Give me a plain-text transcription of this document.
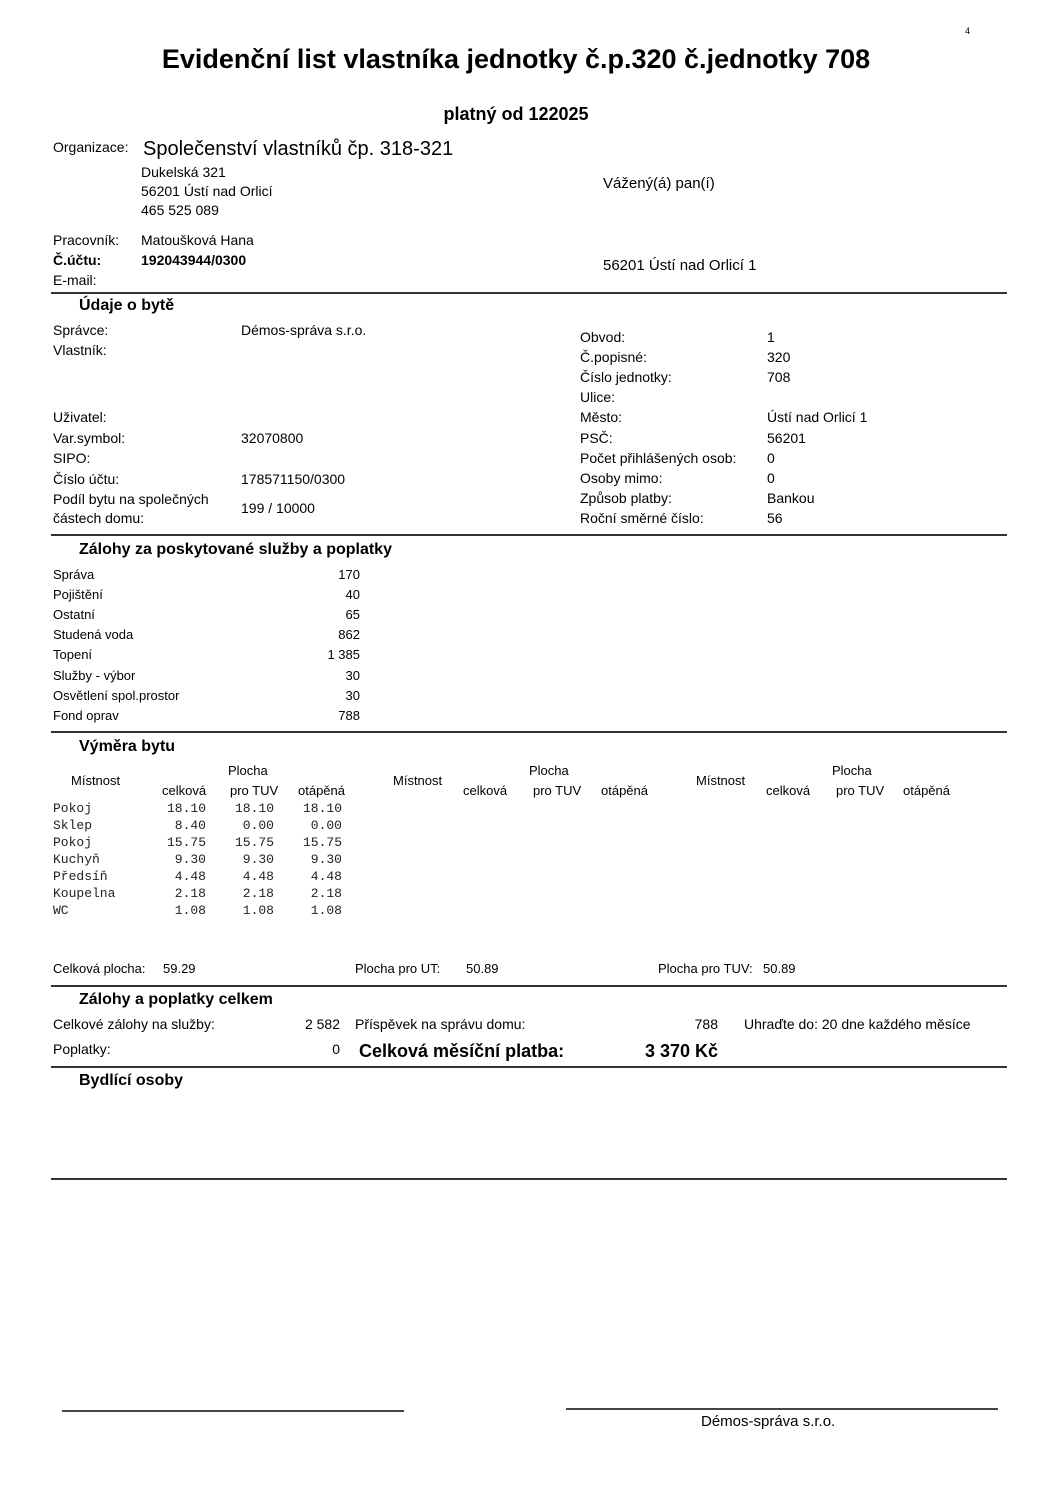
4
Evidenční list vlastníka jednotky č.p.320 č.jednotky 708
platný od 122025
Organizace: Společenství vlastníků čp. 318-321
Dukelská 321
56201 Ústí nad Orlicí
465 525 089
Pracovník: Matoušková Hana
Č.účtu:	192043944/0300
E-mail:
Vážený(á) pan(í)
56201 Ústí nad Orlicí 1
Údaje o bytě
Správce:	Démos-správa s.r.o.
Vlastník:
Uživatel:
Var.symbol:	32070800
SIPO:
Číslo účtu:	178571150/0300
Podíl bytu na společných
částech domu:
199 / 10000
Obvod:	1
Č.popisné:	320
Číslo jednotky:	708
Ulice:
Město:	Ústí nad Orlicí 1
PSČ:	56201
Počet přihlášených osob: 0
Osoby mimo:	0
Způsob platby:	Bankou
Roční směrné číslo:	56
Zálohy za poskytované služby a poplatky
Správa	170
Pojištění	40
Ostatní	65
Studená voda	862
Topení	1 385
Služby - výbor	30
Osvětlení spol.prostor	30
Fond oprav	788
Výměra bytu
Místnost
Plocha
celková pro TUV otápěná
Místnost
Plocha
celková pro TUV otápěná
Místnost
Plocha
celková pro TUV otápěná
Pokoj	18.10	18.10	18.10
Sklep	8.40	0.00	0.00
Pokoj	15.75	15.75	15.75
Kuchyň	9.30	9.30	9.30
Předsíň	4.48	4.48	4.48
Koupelna	2.18	2.18	2.18
WC	1.08	1.08	1.08
Celková plocha: 59.29	Plocha pro UT: 50.89	Plocha pro TUV: 50.89
Zálohy a poplatky celkem
Celkové zálohy na služby:	2 582 Příspěvek na správu domu:	788 Uhraďte do: 20 dne každého měsíce
Poplatky:	0 Celková měsíční platba:	3 370 Kč
Bydlící osoby
Démos-správa s.r.o.
